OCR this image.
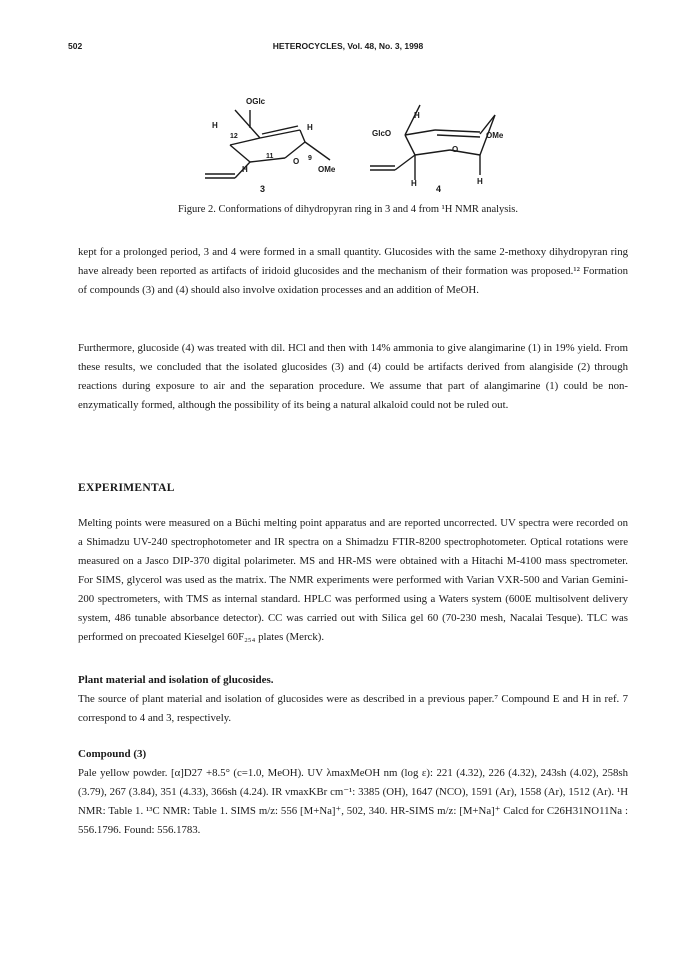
502	HETEROCYCLES, Vol. 48, No. 3, 1998
OGlc
H
12
H
11
O 9
H	OMe
3
H
GlcO
O
OMe
H	H
4
Figure 2. Conformations of dihydropyran ring in 3 and 4 from ¹H NMR analysis.

kept for a prolonged period, 3 and 4 were formed in a small quantity. Glucosides with the same 2-methoxy dihydropyran ring have already been reported as artifacts of iridoid glucosides and the mechanism of their formation was proposed.¹² Formation of compounds (3) and (4) should also involve oxidation processes and an addition of MeOH.

Furthermore, glucoside (4) was treated with dil. HCl and then with 14% ammonia to give alangimarine (1) in 19% yield. From these results, we concluded that the isolated glucosides (3) and (4) could be artifacts derived from alangiside (2) through reactions during exposure to air and the separation procedure. We assume that part of alangimarine (1) could be non-enzymatically formed, although the possibility of its being a natural alkaloid could not be ruled out.

EXPERIMENTAL

Melting points were measured on a Büchi melting point apparatus and are reported uncorrected. UV spectra were recorded on a Shimadzu UV-240 spectrophotometer and IR spectra on a Shimadzu FTIR-8200 spectrophotometer. Optical rotations were measured on a Jasco DIP-370 digital polarimeter. MS and HR-MS were obtained with a Hitachi M-4100 mass spectrometer. For SIMS, glycerol was used as the matrix. The NMR experiments were performed with Varian VXR-500 and Varian Gemini-200 spectrometers, with TMS as internal standard. HPLC was performed using a Waters system (600E multisolvent delivery system, 486 tunable absorbance detector). CC was carried out with Silica gel 60 (70-230 mesh, Nacalai Tesque). TLC was performed on precoated Kieselgel 60F₂₅₄ plates (Merck).

Plant material and isolation of glucosides.

The source of plant material and isolation of glucosides were as described in a previous paper.⁷ Compound E and H in ref. 7 correspond to 4 and 3, respectively.

Compound (3)

Pale yellow powder. [α]D27 +8.5° (c=1.0, MeOH). UV λmaxMeOH nm (log ε): 221 (4.32), 226 (4.32), 243sh (4.02), 258sh (3.79), 267 (3.84), 351 (4.33), 366sh (4.24). IR νmaxKBr cm⁻¹: 3385 (OH), 1647 (NCO), 1591 (Ar), 1558 (Ar), 1512 (Ar). ¹H NMR: Table 1. ¹³C NMR: Table 1. SIMS m/z: 556 [M+Na]⁺, 502, 340. HR-SIMS m/z: [M+Na]⁺ Calcd for C26H31NO11Na : 556.1796. Found: 556.1783.
